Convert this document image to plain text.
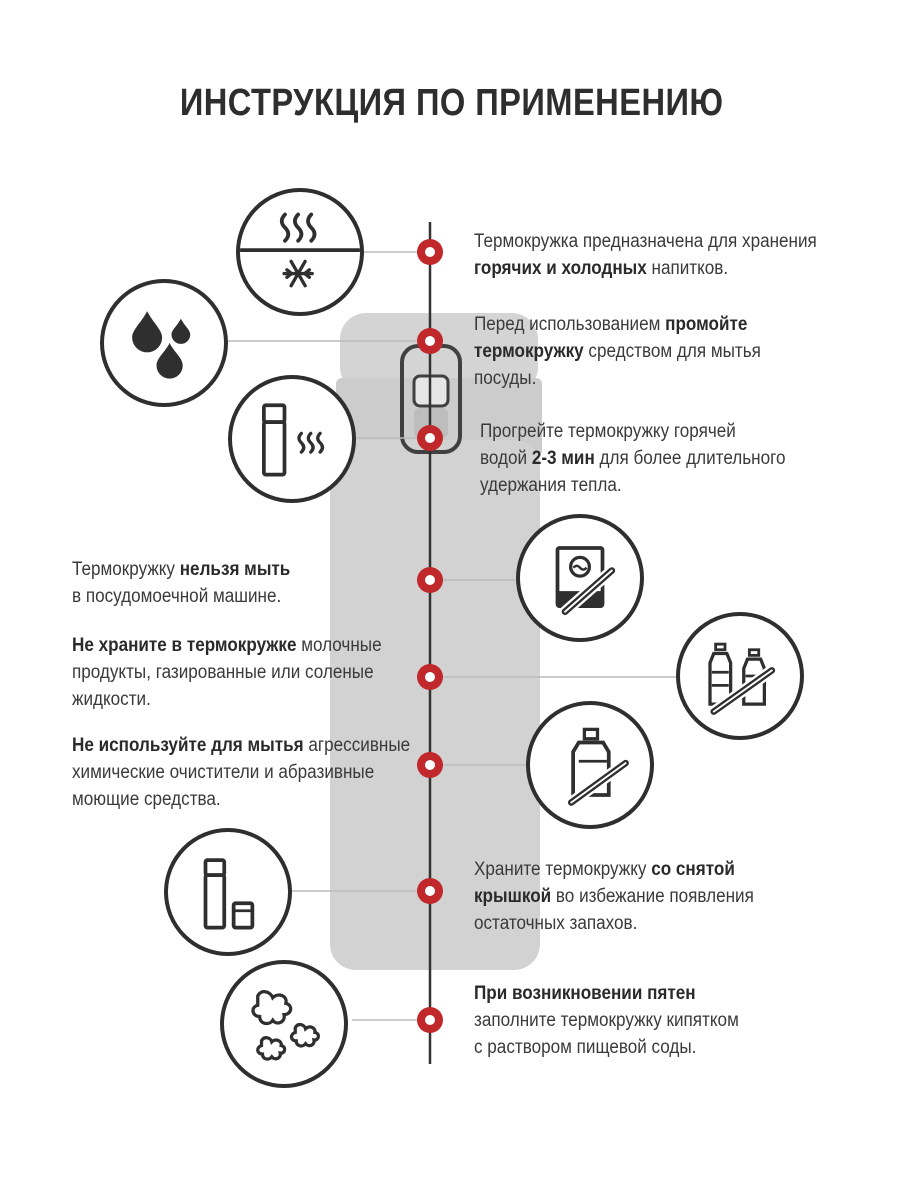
ИНСТРУКЦИЯ ПО ПРИМЕНЕНИЮ
Термокружка предназначена для хранения
горячих и холодных напитков.
Перед использованием промойте
термокружку средством для мытья
посуды.
Прогрейте термокружку горячей
водой 2-3 мин для более длительного
удержания тепла.
Термокружку нельзя мыть
в посудомоечной машине.
Не храните в термокружке молочные
продукты, газированные или соленые
жидкости.
Не используйте для мытья агрессивные
химические очистители и абразивные
моющие средства.
Храните термокружку со снятой
крышкой во избежание появления
остаточных запахов.
При возникновении пятен
заполните термокружку кипятком
с раствором пищевой соды.
